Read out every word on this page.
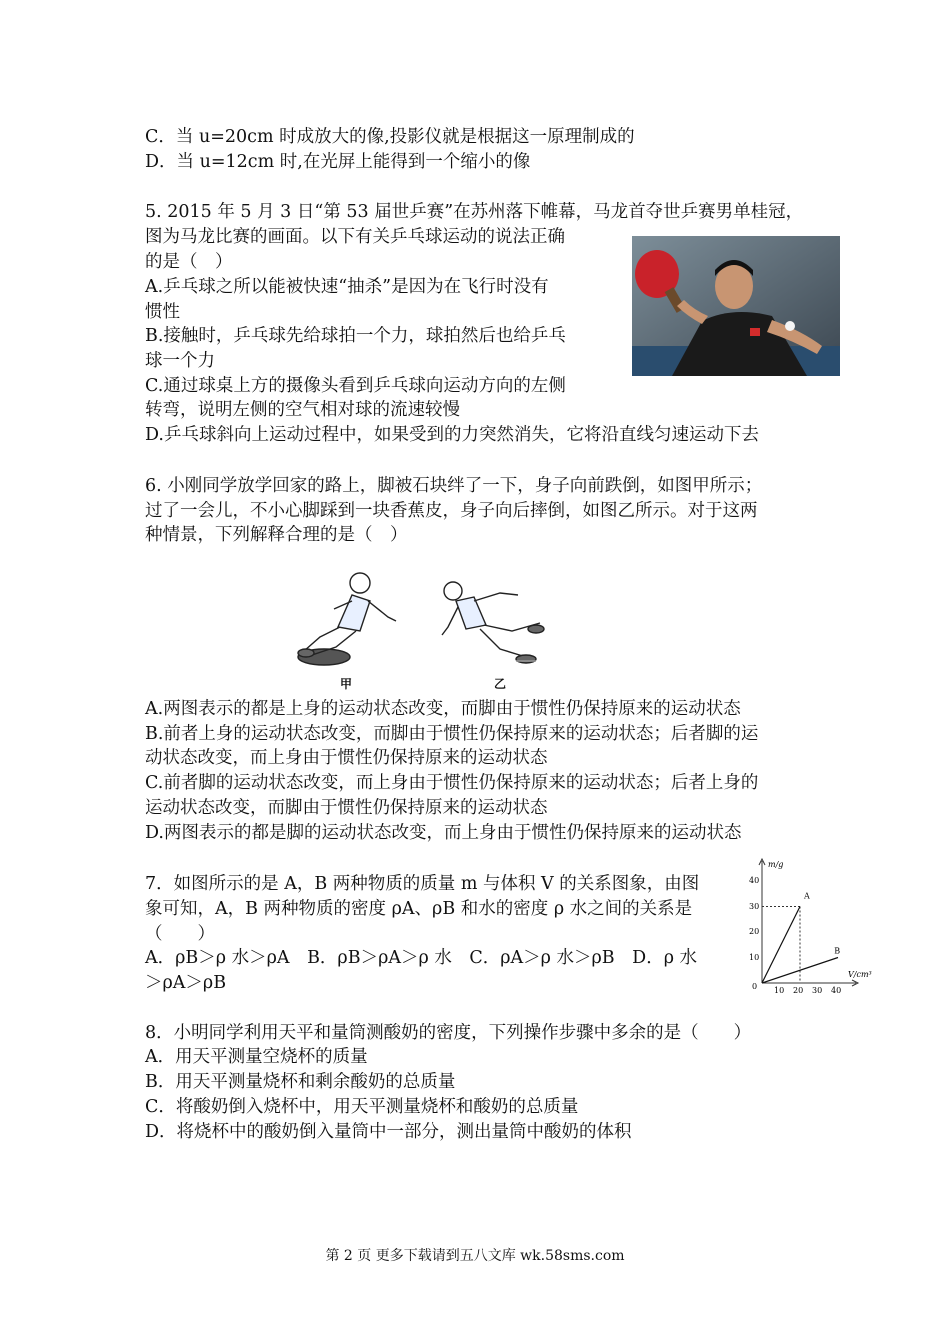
C．当 u=20cm 时成放大的像,投影仪就是根据这一原理制成的
D．当 u=12cm 时,在光屏上能得到一个缩小的像
5. 2015 年 5 月 3 日“第 53 届世乒赛”在苏州落下帷幕，马龙首夺世乒赛男单桂冠，
图为马龙比赛的画面。以下有关乒乓球运动的说法正确
的是（　）
A.乒乓球之所以能被快速“抽杀”是因为在飞行时没有
惯性
B.接触时，乒乓球先给球拍一个力，球拍然后也给乒乓
球一个力
C.通过球桌上方的摄像头看到乒乓球向运动方向的左侧
转弯，说明左侧的空气相对球的流速较慢
D.乒乓球斜向上运动过程中，如果受到的力突然消失，它将沿直线匀速运动下去
6. 小刚同学放学回家的路上，脚被石块绊了一下，身子向前跌倒，如图甲所示；
过了一会儿，不小心脚踩到一块香蕉皮，身子向后摔倒，如图乙所示。对于这两
种情景，下列解释合理的是（　）
甲	乙
A.两图表示的都是上身的运动状态改变，而脚由于惯性仍保持原来的运动状态
B.前者上身的运动状态改变，而脚由于惯性仍保持原来的运动状态；后者脚的运
动状态改变，而上身由于惯性仍保持原来的运动状态
C.前者脚的运动状态改变，而上身由于惯性仍保持原来的运动状态；后者上身的
运动状态改变，而脚由于惯性仍保持原来的运动状态
D.两图表示的都是脚的运动状态改变，而上身由于惯性仍保持原来的运动状态
7．如图所示的是 A，B 两种物质的质量 m 与体积 V 的关系图象，由图
象可知，A，B 两种物质的密度 ρA、ρB 和水的密度 ρ 水之间的关系是
（　　）
A．ρB＞ρ 水＞ρA　B．ρB＞ρA＞ρ 水　C．ρA＞ρ 水＞ρB　D．ρ 水
＞ρA＞ρB
m/g
V/cm³
0
10
20
30
40
10 20 30 40
A
B
8．小明同学利用天平和量筒测酸奶的密度，下列操作步骤中多余的是（　　）
A．用天平测量空烧杯的质量
B．用天平测量烧杯和剩余酸奶的总质量
C．将酸奶倒入烧杯中，用天平测量烧杯和酸奶的总质量
D．将烧杯中的酸奶倒入量筒中一部分，测出量筒中酸奶的体积
第 2 页 更多下载请到五八文库 wk.58sms.com
